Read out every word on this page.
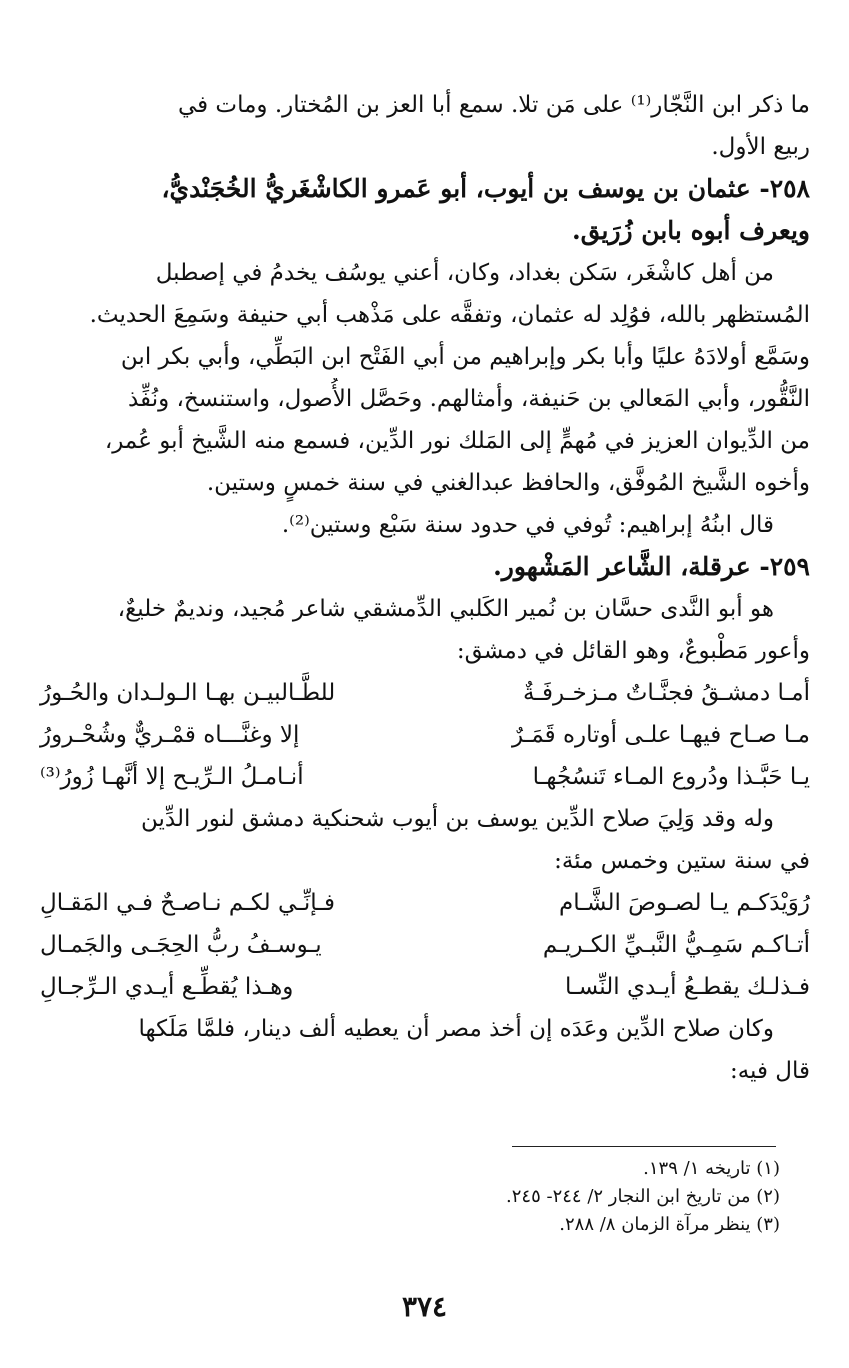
ما ذكر ابن النَّجّار⁽¹⁾ على مَن تلا. سمع أبا العز بن المُختار. ومات في
ربيع الأول.
٢٥٨- عثمان بن يوسف بن أيوب، أبو عَمرو الكاشْغَريُّ الخُجَنْديُّ،
ويعرف أبوه بابن زُرَيق.
من أهل كاشْغَر، سَكن بغداد، وكان، أعني يوسُف يخدمُ في إصطبل
المُستظهر بالله، فوُلِد له عثمان، وتفقَّه على مَذْهب أبي حنيفة وسَمِعَ الحديث.
وسَمَّع أولادَهُ عليًا وأبا بكر وإبراهيم من أبي الفَتْح ابن البَطِّي، وأبي بكر ابن
النَّقُّور، وأبي المَعالي بن حَنيفة، وأمثالهم. وحَصَّل الأُصول، واستنسخ، ونُفِّذ
من الدِّيوان العزيز في مُهمٍّ إلى المَلك نور الدِّين، فسمع منه الشَّيخ أبو عُمر،
وأخوه الشَّيخ المُوفَّق، والحافظ عبدالغني في سنة خمسٍ وستين.
قال ابنُهُ إبراهيم: تُوفي في حدود سنة سَبْع وستين⁽²⁾.
٢٥٩- عرقلة، الشَّاعر المَشْهور.
هو أبو النَّدى حسَّان بن نُمير الكَلبي الدِّمشقي شاعر مُجيد، ونديمٌ خليعٌ،
وأعور مَطْبوعٌ، وهو القائل في دمشق:
أمـا دمشـقُ فجنَّـاتٌ مـزخـرفَـةٌ
للطَّـالبيـن بهـا الـولـدان والحُـورُ
مـا صـاح فيهـا علـى أوتاره قَمَـرٌ
إلا وغنَّـــاه قمْـريٌّ وشُحْـرورُ
يـا حَبَّـذا ودُروع المـاء تَنسُجُهـا
أنـامـلُ الـرِّيـح إلا أنَّهـا زُورُ⁽³⁾
وله وقد وَلِيَ صلاح الدِّين يوسف بن أيوب شحنكية دمشق لنور الدِّين
في سنة ستين وخمس مئة:
رُوَيْدَكـم يـا لصـوصَ الشَّـام
فـإنِّـي لكـم نـاصـحٌ فـي المَقـالِ
أتـاكـم سَمِـيُّ النَّبـيِّ الكـريـم
يـوسـفُ ربُّ الحِجَـى والجَمـال
فـذلـك يقطـعُ أيـدي النِّسـا
وهـذا يُقطِّـع أيـدي الـرِّجـالِ
وكان صلاح الدِّين وعَدَه إن أخذ مصر أن يعطيه ألف دينار، فلمَّا مَلَكها
قال فيه:
(١) تاريخه ١/ ١٣٩.
(٢) من تاريخ ابن النجار ٢/ ٢٤٤- ٢٤٥.
(٣) ينظر مرآة الزمان ٨/ ٢٨٨.
٣٧٤
